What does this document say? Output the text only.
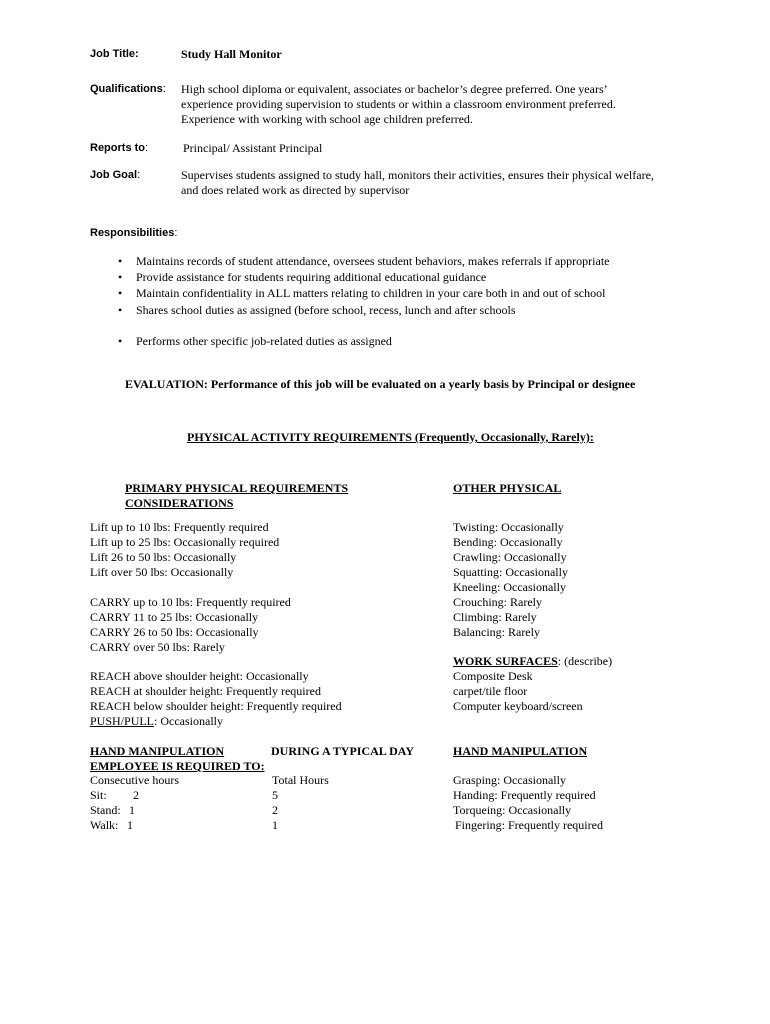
Job Title:	Study Hall Monitor
Qualifications: High school diploma or equivalent, associates or bachelor’s degree preferred. One years’
experience providing supervision to students or within a classroom environment preferred.
Experience with working with school age children preferred.
Reports to:	Principal/ Assistant Principal
Job Goal:	Supervises students assigned to study hall, monitors their activities, ensures their physical welfare,
and does related work as directed by supervisor
Responsibilities:
• Maintains records of student attendance, oversees student behaviors, makes referrals if appropriate
• Provide assistance for students requiring additional educational guidance
• Maintain confidentiality in ALL matters relating to children in your care both in and out of school
• Shares school duties as assigned (before school, recess, lunch and after schools
• Performs other specific job-related duties as assigned
EVALUATION: Performance of this job will be evaluated on a yearly basis by Principal or designee
PHYSICAL ACTIVITY REQUIREMENTS (Frequently, Occasionally, Rarely):
PRIMARY PHYSICAL REQUIREMENTS
CONSIDERATIONS
Lift up to 10 lbs: Frequently required
Lift up to 25 lbs: Occasionally required
Lift 26 to 50 lbs: Occasionally
Lift over 50 lbs: Occasionally
CARRY up to 10 lbs: Frequently required
CARRY 11 to 25 lbs: Occasionally
CARRY 26 to 50 lbs: Occasionally
CARRY over 50 lbs: Rarely
REACH above shoulder height: Occasionally
REACH at shoulder height: Frequently required
REACH below shoulder height: Frequently required
PUSH/PULL: Occasionally
OTHER PHYSICAL
Twisting: Occasionally
Bending: Occasionally
Crawling: Occasionally
Squatting: Occasionally
Kneeling: Occasionally
Crouching: Rarely
Climbing: Rarely
Balancing: Rarely
WORK SURFACES: (describe)
Composite Desk
carpet/tile floor
Computer keyboard/screen
HAND MANIPULATION	DURING A TYPICAL DAY
EMPLOYEE IS REQUIRED TO:
Consecutive hours	Total Hours
Sit: 2	5
Stand: 1	2
Walk: 1	1
HAND MANIPULATION
Grasping: Occasionally
Handing: Frequently required
Torqueing: Occasionally
Fingering: Frequently required
